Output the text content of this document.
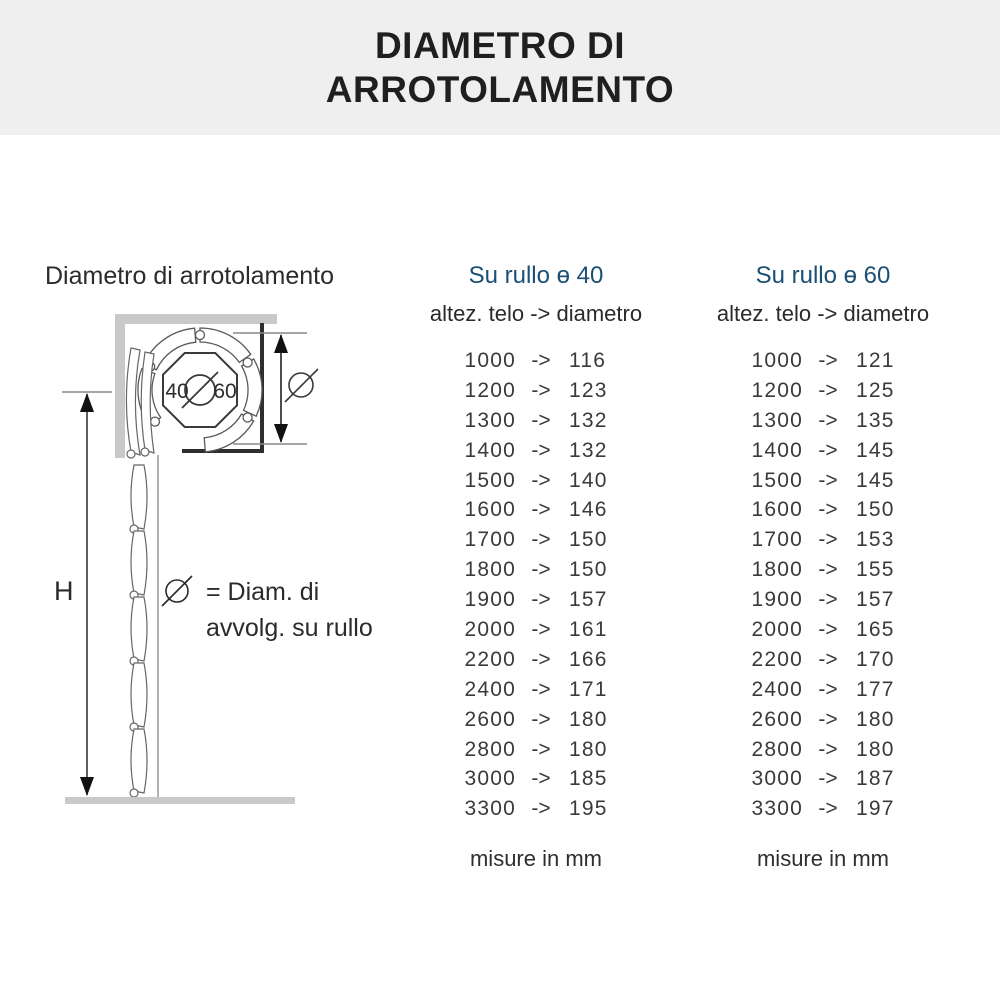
DIAMETRO DI
ARROTOLAMENTO
Diametro di arrotolamento
40 60
H	= Diam. di
avvolg. su rullo
Su rullo ɵ 40
altez. telo -> diametro
1000 -> 116
1200 -> 123
1300 -> 132
1400 -> 132
1500 -> 140
1600 -> 146
1700 -> 150
1800 -> 150
1900 -> 157
2000 -> 161
2200 -> 166
2400 -> 171
2600 -> 180
2800 -> 180
3000 -> 185
3300 -> 195
misure in mm
Su rullo ɵ 60
altez. telo -> diametro
1000 -> 121
1200 -> 125
1300 -> 135
1400 -> 145
1500 -> 145
1600 -> 150
1700 -> 153
1800 -> 155
1900 -> 157
2000 -> 165
2200 -> 170
2400 -> 177
2600 -> 180
2800 -> 180
3000 -> 187
3300 -> 197
misure in mm
